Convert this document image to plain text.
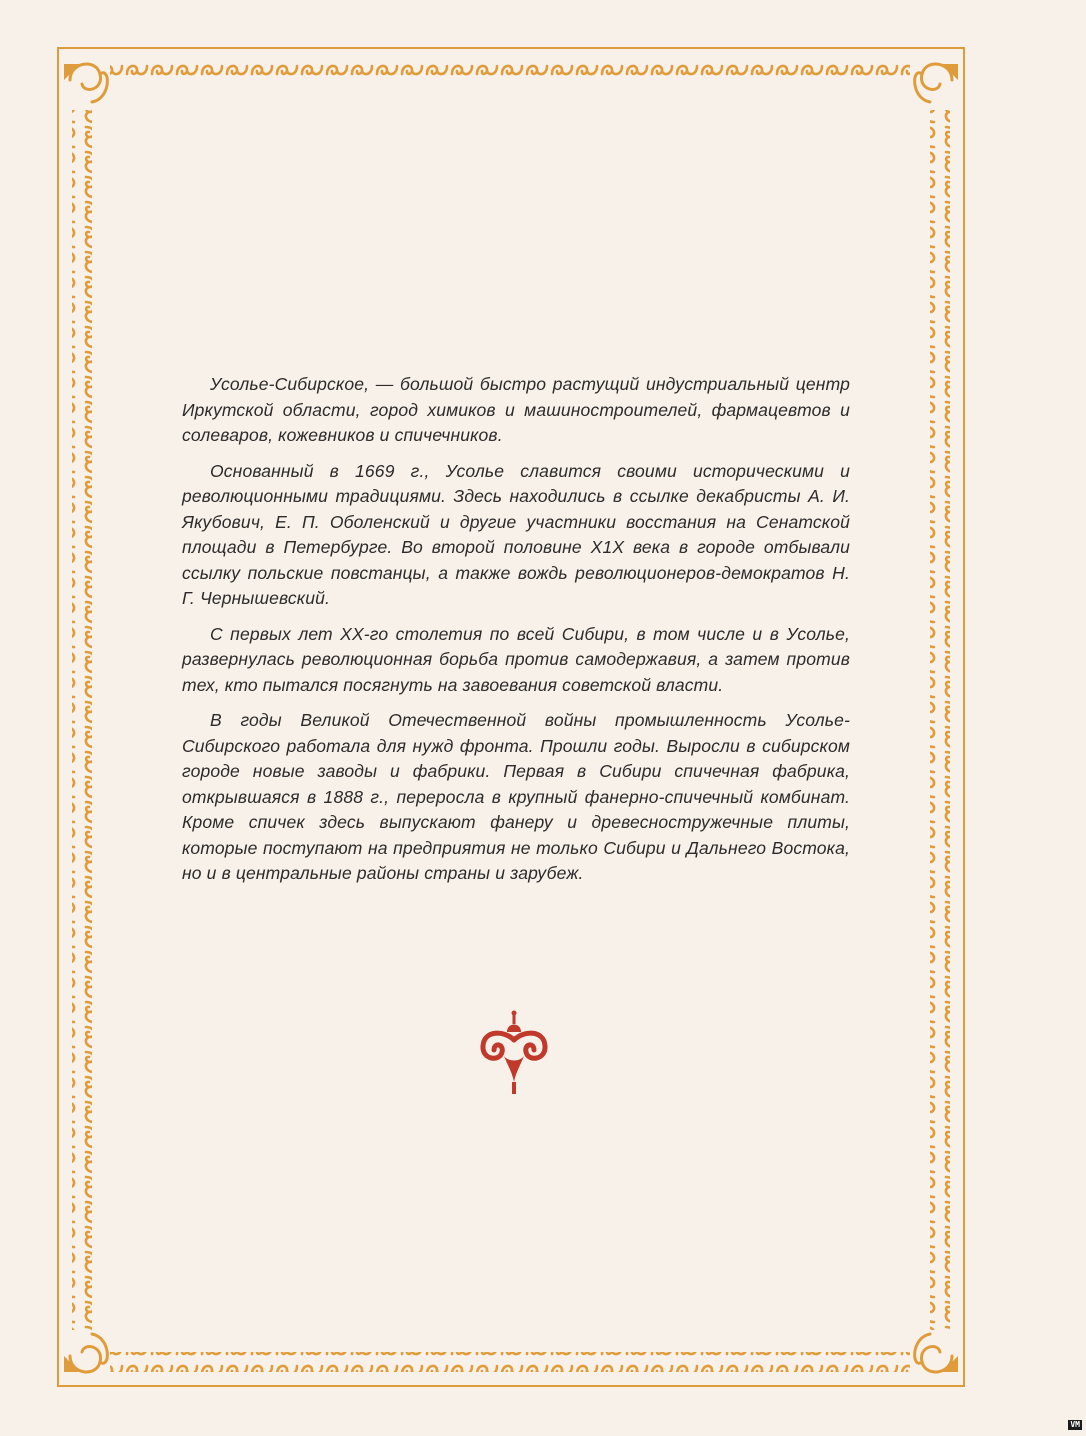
Усолье-Сибирское, — большой быстро растущий индустриальный центр Иркутской области, город химиков и машиностроителей, фармацевтов и солеваров, кожевников и спичечников.

Основанный в 1669 г., Усолье славится своими историческими и революционными традициями. Здесь находились в ссылке декабристы А. И. Якубович, Е. П. Оболенский и другие участники восстания на Сенатской площади в Петербурге. Во второй половине X1X века в городе отбывали ссылку польские повстанцы, а также вождь революционеров-демократов Н. Г. Чернышевский.

С первых лет XX-го столетия по всей Сибири, в том числе и в Усолье, развернулась революционная борьба против самодержавия, а затем против тех, кто пытался посягнуть на завоевания советской власти.

В годы Великой Отечественной войны промышленность Усолье-Сибирского работала для нужд фронта. Прошли годы. Выросли в сибирском городе новые заводы и фабрики. Первая в Сибири спичечная фабрика, открывшаяся в 1888 г., переросла в крупный фанерно-спичечный комбинат. Кроме спичек здесь выпускают фанеру и древесностружечные плиты, которые поступают на предприятия не только Сибири и Дальнего Востока, но и в центральные районы страны и зарубеж.

VM
